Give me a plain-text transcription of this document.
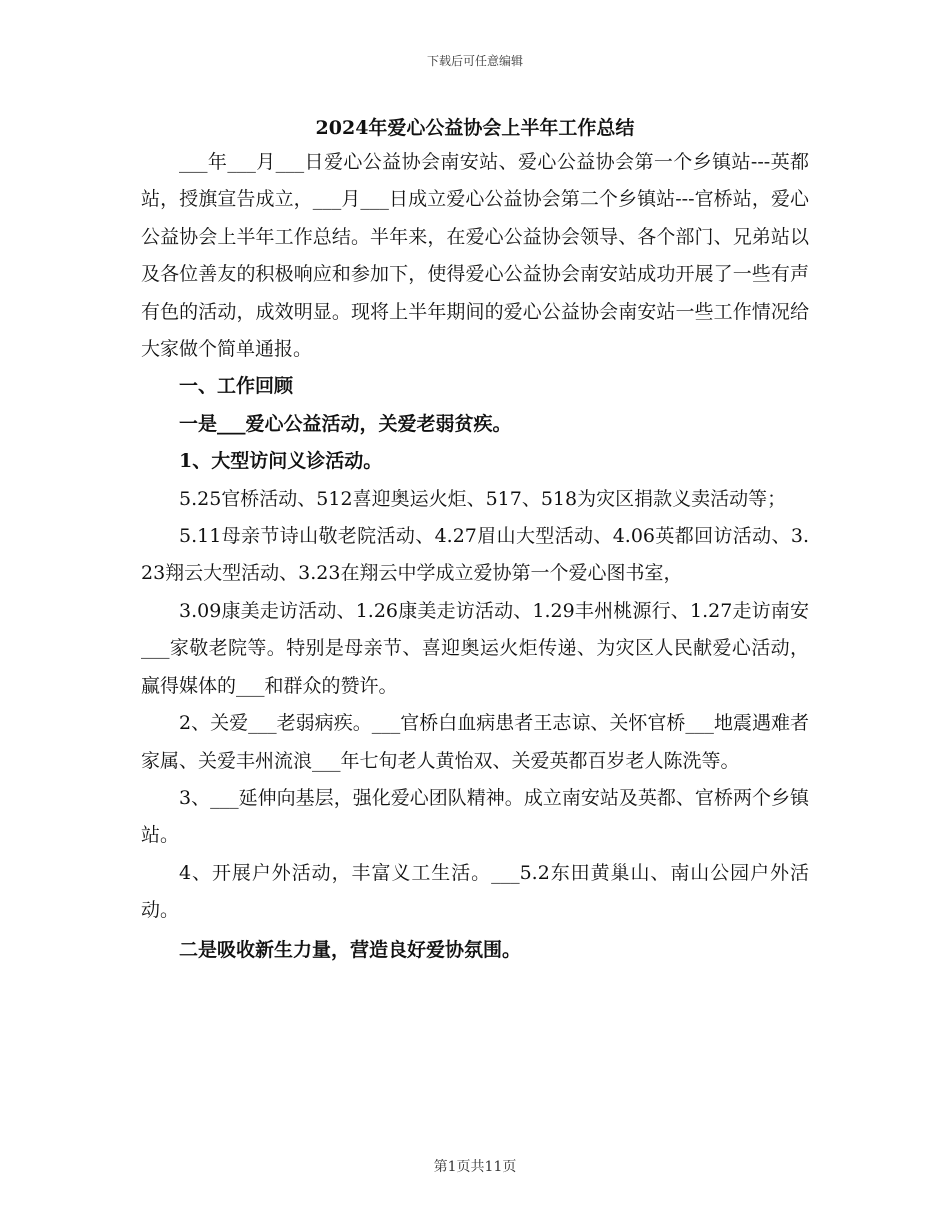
下载后可任意编辑
2024年爱心公益协会上半年工作总结

___年___月___日爱心公益协会南安站、爱心公益协会第一个乡镇站---英都站，授旗宣告成立，___月___日成立爱心公益协会第二个乡镇站---官桥站，爱心公益协会上半年工作总结。半年来，在爱心公益协会领导、各个部门、兄弟站以及各位善友的积极响应和参加下，使得爱心公益协会南安站成功开展了一些有声有色的活动，成效明显。现将上半年期间的爱心公益协会南安站一些工作情况给大家做个简单通报。

一、工作回顾

一是___爱心公益活动，关爱老弱贫疾。

1、大型访问义诊活动。

5.25官桥活动、512喜迎奥运火炬、517、518为灾区捐款义卖活动等；

5.11母亲节诗山敬老院活动、4.27眉山大型活动、4.06英都回访活动、3.23翔云大型活动、3.23在翔云中学成立爱协第一个爱心图书室，

3.09康美走访活动、1.26康美走访活动、1.29丰州桃源行、1.27走访南安___家敬老院等。特别是母亲节、喜迎奥运火炬传递、为灾区人民献爱心活动，赢得媒体的___和群众的赞许。

2、关爱___老弱病疾。___官桥白血病患者王志谅、关怀官桥___地震遇难者家属、关爱丰州流浪___年七旬老人黄怡双、关爱英都百岁老人陈洗等。

3、___延伸向基层，强化爱心团队精神。成立南安站及英都、官桥两个乡镇站。

4、开展户外活动，丰富义工生活。___5.2东田黄巢山、南山公园户外活动。

二是吸收新生力量，营造良好爱协氛围。

第1页共11页
